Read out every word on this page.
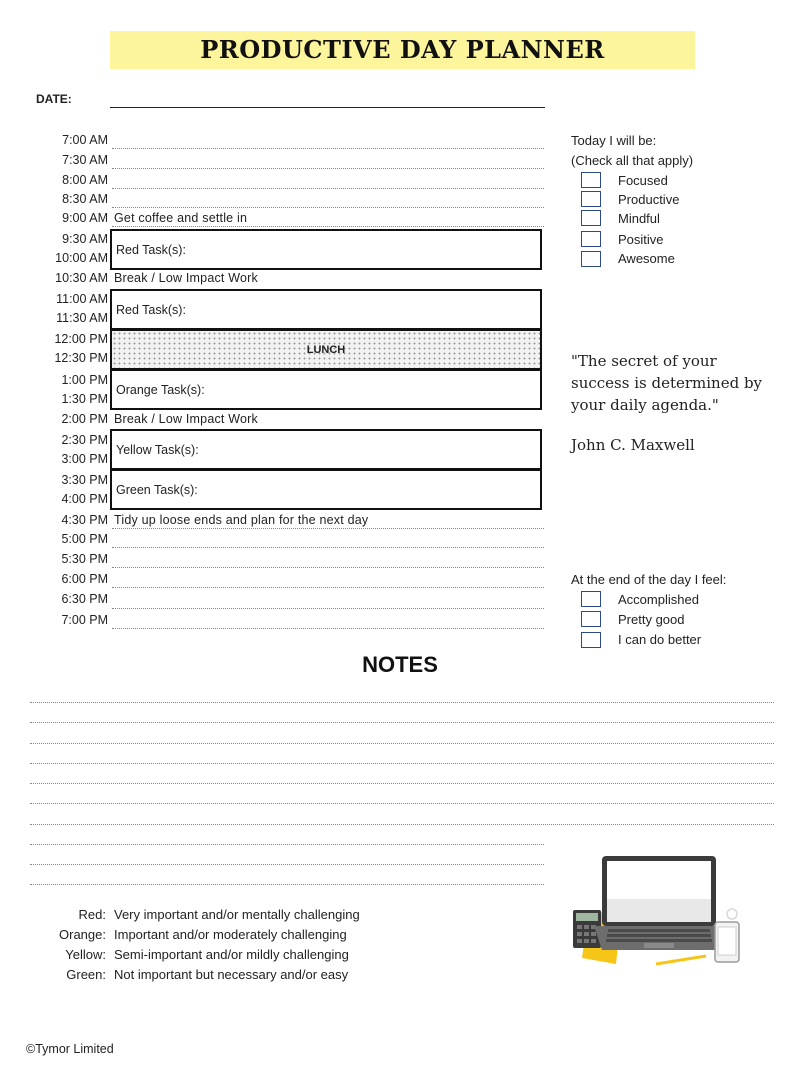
PRODUCTIVE DAY PLANNER
DATE:
7:00 AM
7:30 AM
8:00 AM
8:30 AM
9:00 AM
9:30 AM
10:00 AM
10:30 AM
11:00 AM
11:30 AM
12:00 PM
12:30 PM
1:00 PM
1:30 PM
2:00 PM
2:30 PM
3:00 PM
3:30 PM
4:00 PM
4:30 PM
5:00 PM
5:30 PM
6:00 PM
6:30 PM
7:00 PM
Get coffee and settle in
Red Task(s):
Break / Low Impact Work
Red Task(s):
LUNCH
Orange Task(s):
Break / Low Impact Work
Yellow Task(s):
Green Task(s):
Tidy up loose ends and plan for the next day
Today I will be:
(Check all that apply)
Focused
Productive
Mindful
Positive
Awesome
"The secret of your success is determined by your daily agenda."
John C. Maxwell
At the end of the day I feel:
Accomplished
Pretty good
I can do better
NOTES
Red: Very important and/or mentally challenging
Orange: Important and/or moderately challenging
Yellow: Semi-important and/or mildly challenging
Green: Not important but necessary and/or easy
©Tymor Limited
